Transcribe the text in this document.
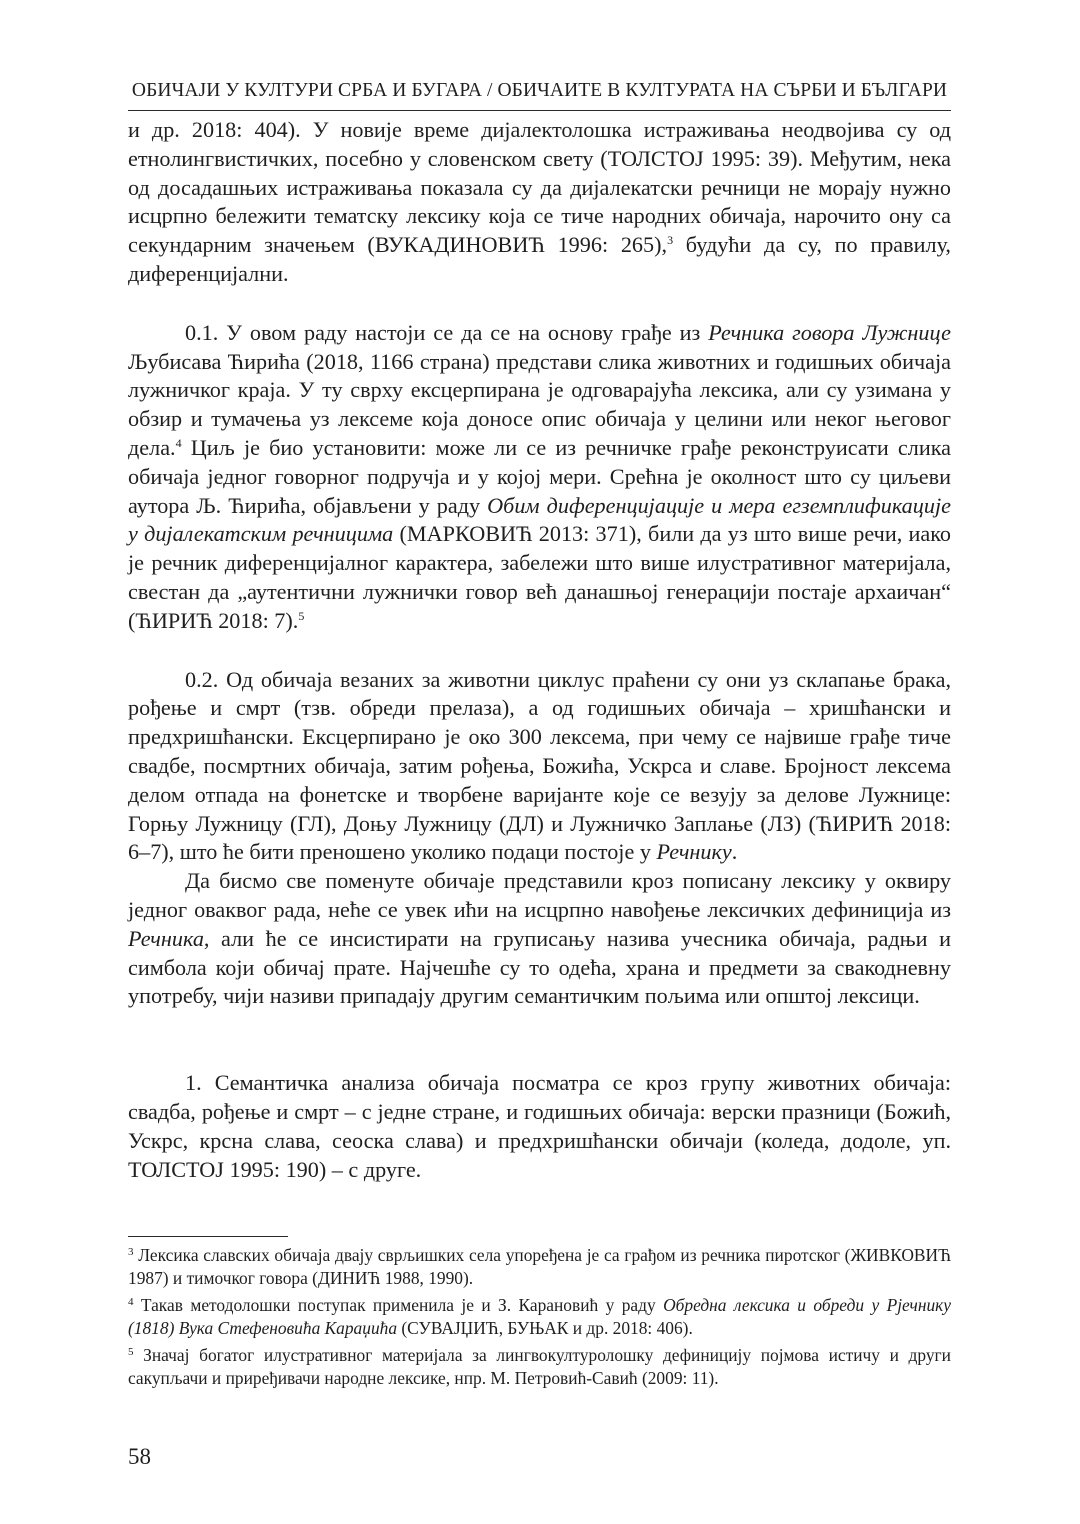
ОБИЧАЈИ У КУЛТУРИ СРБА И БУГАРА / ОБИЧАИТЕ В КУЛТУРАТА НА СЪРБИ И БЪЛГАРИ

и др. 2018: 404). У новије време дијалектолошка истраживања неодвојива су од етнолингвистичких, посебно у словенском свету (ТОЛСТОЈ 1995: 39). Међутим, нека од досадашњих истраживања показала су да дијалекатски речници не морају нужно исцрпно бележити тематску лексику која се тиче народних обичаја, нарочито ону са секундарним значењем (ВУКАДИНОВИЋ 1996: 265),$^3$ будући да су, по правилу, диференцијални.

0.1. У овом раду настоји се да се на основу грађе из Речника говора Лужнице Љубисава Ћирића (2018, 1166 страна) представи слика животних и годишњих обичаја лужничког краја. У ту сврху ексцерпирана је одговарајућа лексика, али су узимана у обзир и тумачења уз лексеме која доносе опис обичаја у целини или неког његовог дела.$^4$ Циљ је био установити: може ли се из речничке грађе реконструисати слика обичаја једног говорног подручја и у којој мери. Срећна је околност што су циљеви аутора Љ. Ћирића, објављени у раду Обим диференцијације и мера егземплификације у дијалекатским речницима (МАРКОВИЋ 2013: 371), били да уз што више речи, иако је речник диференцијалног карактера, забележи што више илустративног материјала, свестан да „аутентични лужнички говор већ данашњој генерацији постаје архаичан“ (ЋИРИЋ 2018: 7).$^5$

0.2. Од обичаја везаних за животни циклус праћени су они уз склапање брака, рођење и смрт (тзв. обреди прелаза), а од годишњих обичаја – хришћански и предхришћански. Ексцерпирано је око 300 лексема, при чему се највише грађе тиче свадбе, посмртних обичаја, затим рођења, Божића, Ускрса и славе. Бројност лексема делом отпада на фонетске и творбене варијанте које се везују за делове Лужнице: Горњу Лужницу (ГЛ), Доњу Лужницу (ДЛ) и Лужничко Заплање (ЛЗ) (ЋИРИЋ 2018: 6–7), што ће бити преношено уколико подаци постоје у Речнику.

Да бисмо све поменуте обичаје представили кроз пописану лексику у оквиру једног оваквог рада, неће се увек ићи на исцрпно навођење лексичких дефиниција из Речника, али ће се инсистирати на груписању назива учесника обичаја, радњи и симбола који обичај прате. Најчешће су то одећа, храна и предмети за свакодневну употребу, чији називи припадају другим семантичким пољима или општој лексици.

1. Семантичка анализа обичаја посматра се кроз групу животних обичаја: свадба, рођење и смрт – с једне стране, и годишњих обичаја: верски празници (Божић, Ускрс, крсна слава, сеоска слава) и предхришћански обичаји (коледа, додоле, уп. ТОЛСТОЈ 1995: 190) – с друге.

$^3$ Лексика славских обичаја двају сврљишких села упоређена је са грађом из речника пиротског (ЖИВКОВИЋ 1987) и тимочког говора (ДИНИЋ 1988, 1990).

$^4$ Такав методолошки поступак применила је и З. Карановић у раду Обредна лексика и обреди у Рјечнику (1818) Вука Стефеновића Караџића (СУВАЈЏИЋ, БУЊАК и др. 2018: 406).

$^5$ Значај богатог илустративног материјала за лингвокултуролошку дефиницију појмова истичу и други сакупљачи и приређивачи народне лексике, нпр. М. Петровић-Савић (2009: 11).

58
